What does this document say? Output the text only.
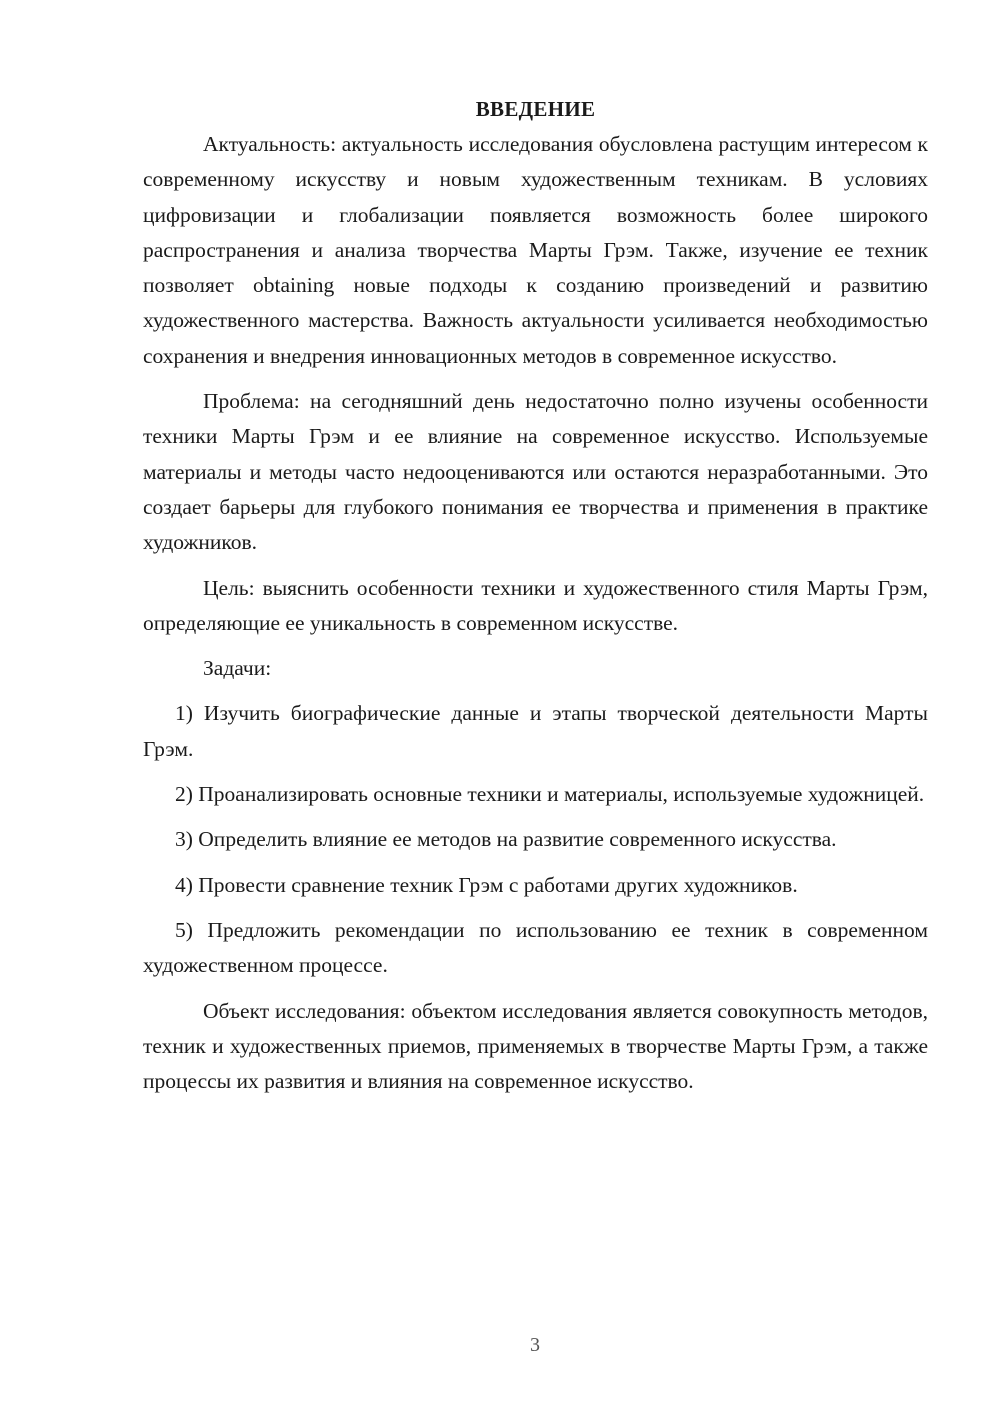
ВВЕДЕНИЕ

Актуальность: актуальность исследования обусловлена растущим интересом к современному искусству и новым художественным техникам. В условиях цифровизации и глобализации появляется возможность более широкого распространения и анализа творчества Марты Грэм. Также, изучение ее техник позволяет obtaining новые подходы к созданию произведений и развитию художественного мастерства. Важность актуальности усиливается необходимостью сохранения и внедрения инновационных методов в современное искусство.

Проблема: на сегодняшний день недостаточно полно изучены особенности техники Марты Грэм и ее влияние на современное искусство. Используемые материалы и методы часто недооцениваются или остаются неразработанными. Это создает барьеры для глубокого понимания ее творчества и применения в практике художников.

Цель: выяснить особенности техники и художественного стиля Марты Грэм, определяющие ее уникальность в современном искусстве.

Задачи:

1) Изучить биографические данные и этапы творческой деятельности Марты Грэм.

2) Проанализировать основные техники и материалы, используемые художницей.

3) Определить влияние ее методов на развитие современного искусства.

4) Провести сравнение техник Грэм с работами других художников.

5) Предложить рекомендации по использованию ее техник в современном художественном процессе.

Объект исследования: объектом исследования является совокупность методов, техник и художественных приемов, применяемых в творчестве Марты Грэм, а также процессы их развития и влияния на современное искусство.

3
